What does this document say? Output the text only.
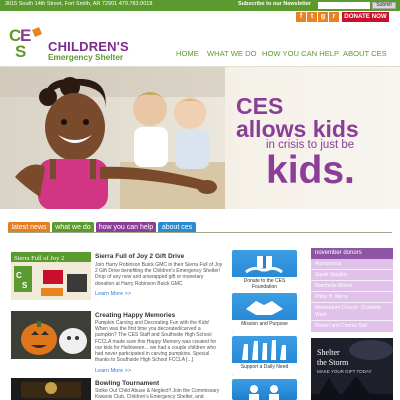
3015 South 14th Street, Fort Smith, AR 72901 479.783.0018	Subscribe to our Newsletter	Submit
f	t	g	r	DONATE NOW
C
E
S CHILDREN'S
Emergency Shelter	HOME WHAT WE DO HOW YOU CAN HELP ABOUT CES
CES
allows kids
in crisis to just be
kids.
latest news	what we do	how you can help	about ces
Sierra Full of Joy 2
C
S
Sierra Full of Joy 2 Gift Drive
Join Harry Robinson Buick GMC in their Sierra Full of Joy 2 Gift Drive benefiting the Children's Emergency Shelter! Drop of any new and unwrapped gift or monetary donation at Harry Robinson Buick GMC
Learn More >>
Creating Happy Memories
Pumpkin Carving and Decorating Fun with the Kids! When was the first time you decorated/carved a pumpkin? The CES Staff and Southside High School FCCLA made sure this Happy Memory was created for our kids for Halloween... we had a couple children who had never participated in carving pumpkins. Special thanks to Southside High School FCCLA [...]
Learn More >>
Bowling Tournament
Strike Out Child Abuse & Neglect!! Join the Commissary Kiwanis Club, Children's Emergency Shelter, and
Donate to the CES Foundation
Mission and Purpose
Support a Daily Need
november donors
Anonymous
Sarah Vaughn
Marchelle Moore
Philip H. Merry
Momentum Church- Charlotte West
Robert and Connie Sell
Shelter
the Storm
MAKE YOUR GIFT TODAY
